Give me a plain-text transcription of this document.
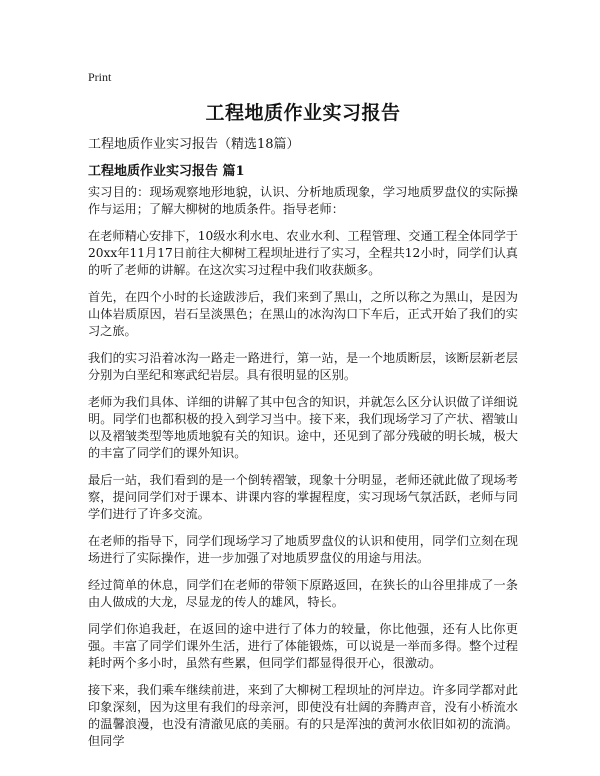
Print
工程地质作业实习报告
工程地质作业实习报告（精选18篇）
工程地质作业实习报告 篇1

实习目的：现场观察地形地貌，认识、分析地质现象，学习地质罗盘仪的实际操作与运用；了解大柳树的地质条件。指导老师：

在老师精心安排下，10级水利水电、农业水利、工程管理、交通工程全体同学于20xx年11月17日前往大柳树工程坝址进行了实习，全程共12小时，同学们认真的听了老师的讲解。在这次实习过程中我们收获颇多。

首先，在四个小时的长途跋涉后，我们来到了黑山，之所以称之为黑山，是因为山体岩质原因，岩石呈淡黑色；在黑山的冰沟沟口下车后，正式开始了我们的实习之旅。

我们的实习沿着冰沟一路走一路进行，第一站，是一个地质断层，该断层新老层分别为白垩纪和寒武纪岩层。具有很明显的区别。

老师为我们具体、详细的讲解了其中包含的知识，并就怎么区分认识做了详细说明。同学们也都积极的投入到学习当中。接下来，我们现场学习了产状、褶皱山以及褶皱类型等地质地貌有关的知识。途中，还见到了部分残破的明长城，极大的丰富了同学们的课外知识。

最后一站，我们看到的是一个倒转褶皱，现象十分明显，老师还就此做了现场考察，提问同学们对于课本、讲课内容的掌握程度，实习现场气氛活跃，老师与同学们进行了许多交流。

在老师的指导下，同学们现场学习了地质罗盘仪的认识和使用，同学们立刻在现场进行了实际操作，进一步加强了对地质罗盘仪的用途与用法。

经过简单的休息，同学们在老师的带领下原路返回，在狭长的山谷里排成了一条由人做成的大龙，尽显龙的传人的雄风，特长。

同学们你追我赶，在返回的途中进行了体力的较量，你比他强，还有人比你更强。丰富了同学们课外生活，进行了体能锻炼，可以说是一举而多得。整个过程耗时两个多小时，虽然有些累，但同学们都显得很开心，很激动。

接下来，我们乘车继续前进，来到了大柳树工程坝址的河岸边。许多同学都对此印象深刻，因为这里有我们的母亲河，即使没有壮阔的奔腾声音，没有小桥流水的温馨浪漫，也没有清澈见底的美丽。有的只是浑浊的黄河水依旧如初的流淌。但同学
